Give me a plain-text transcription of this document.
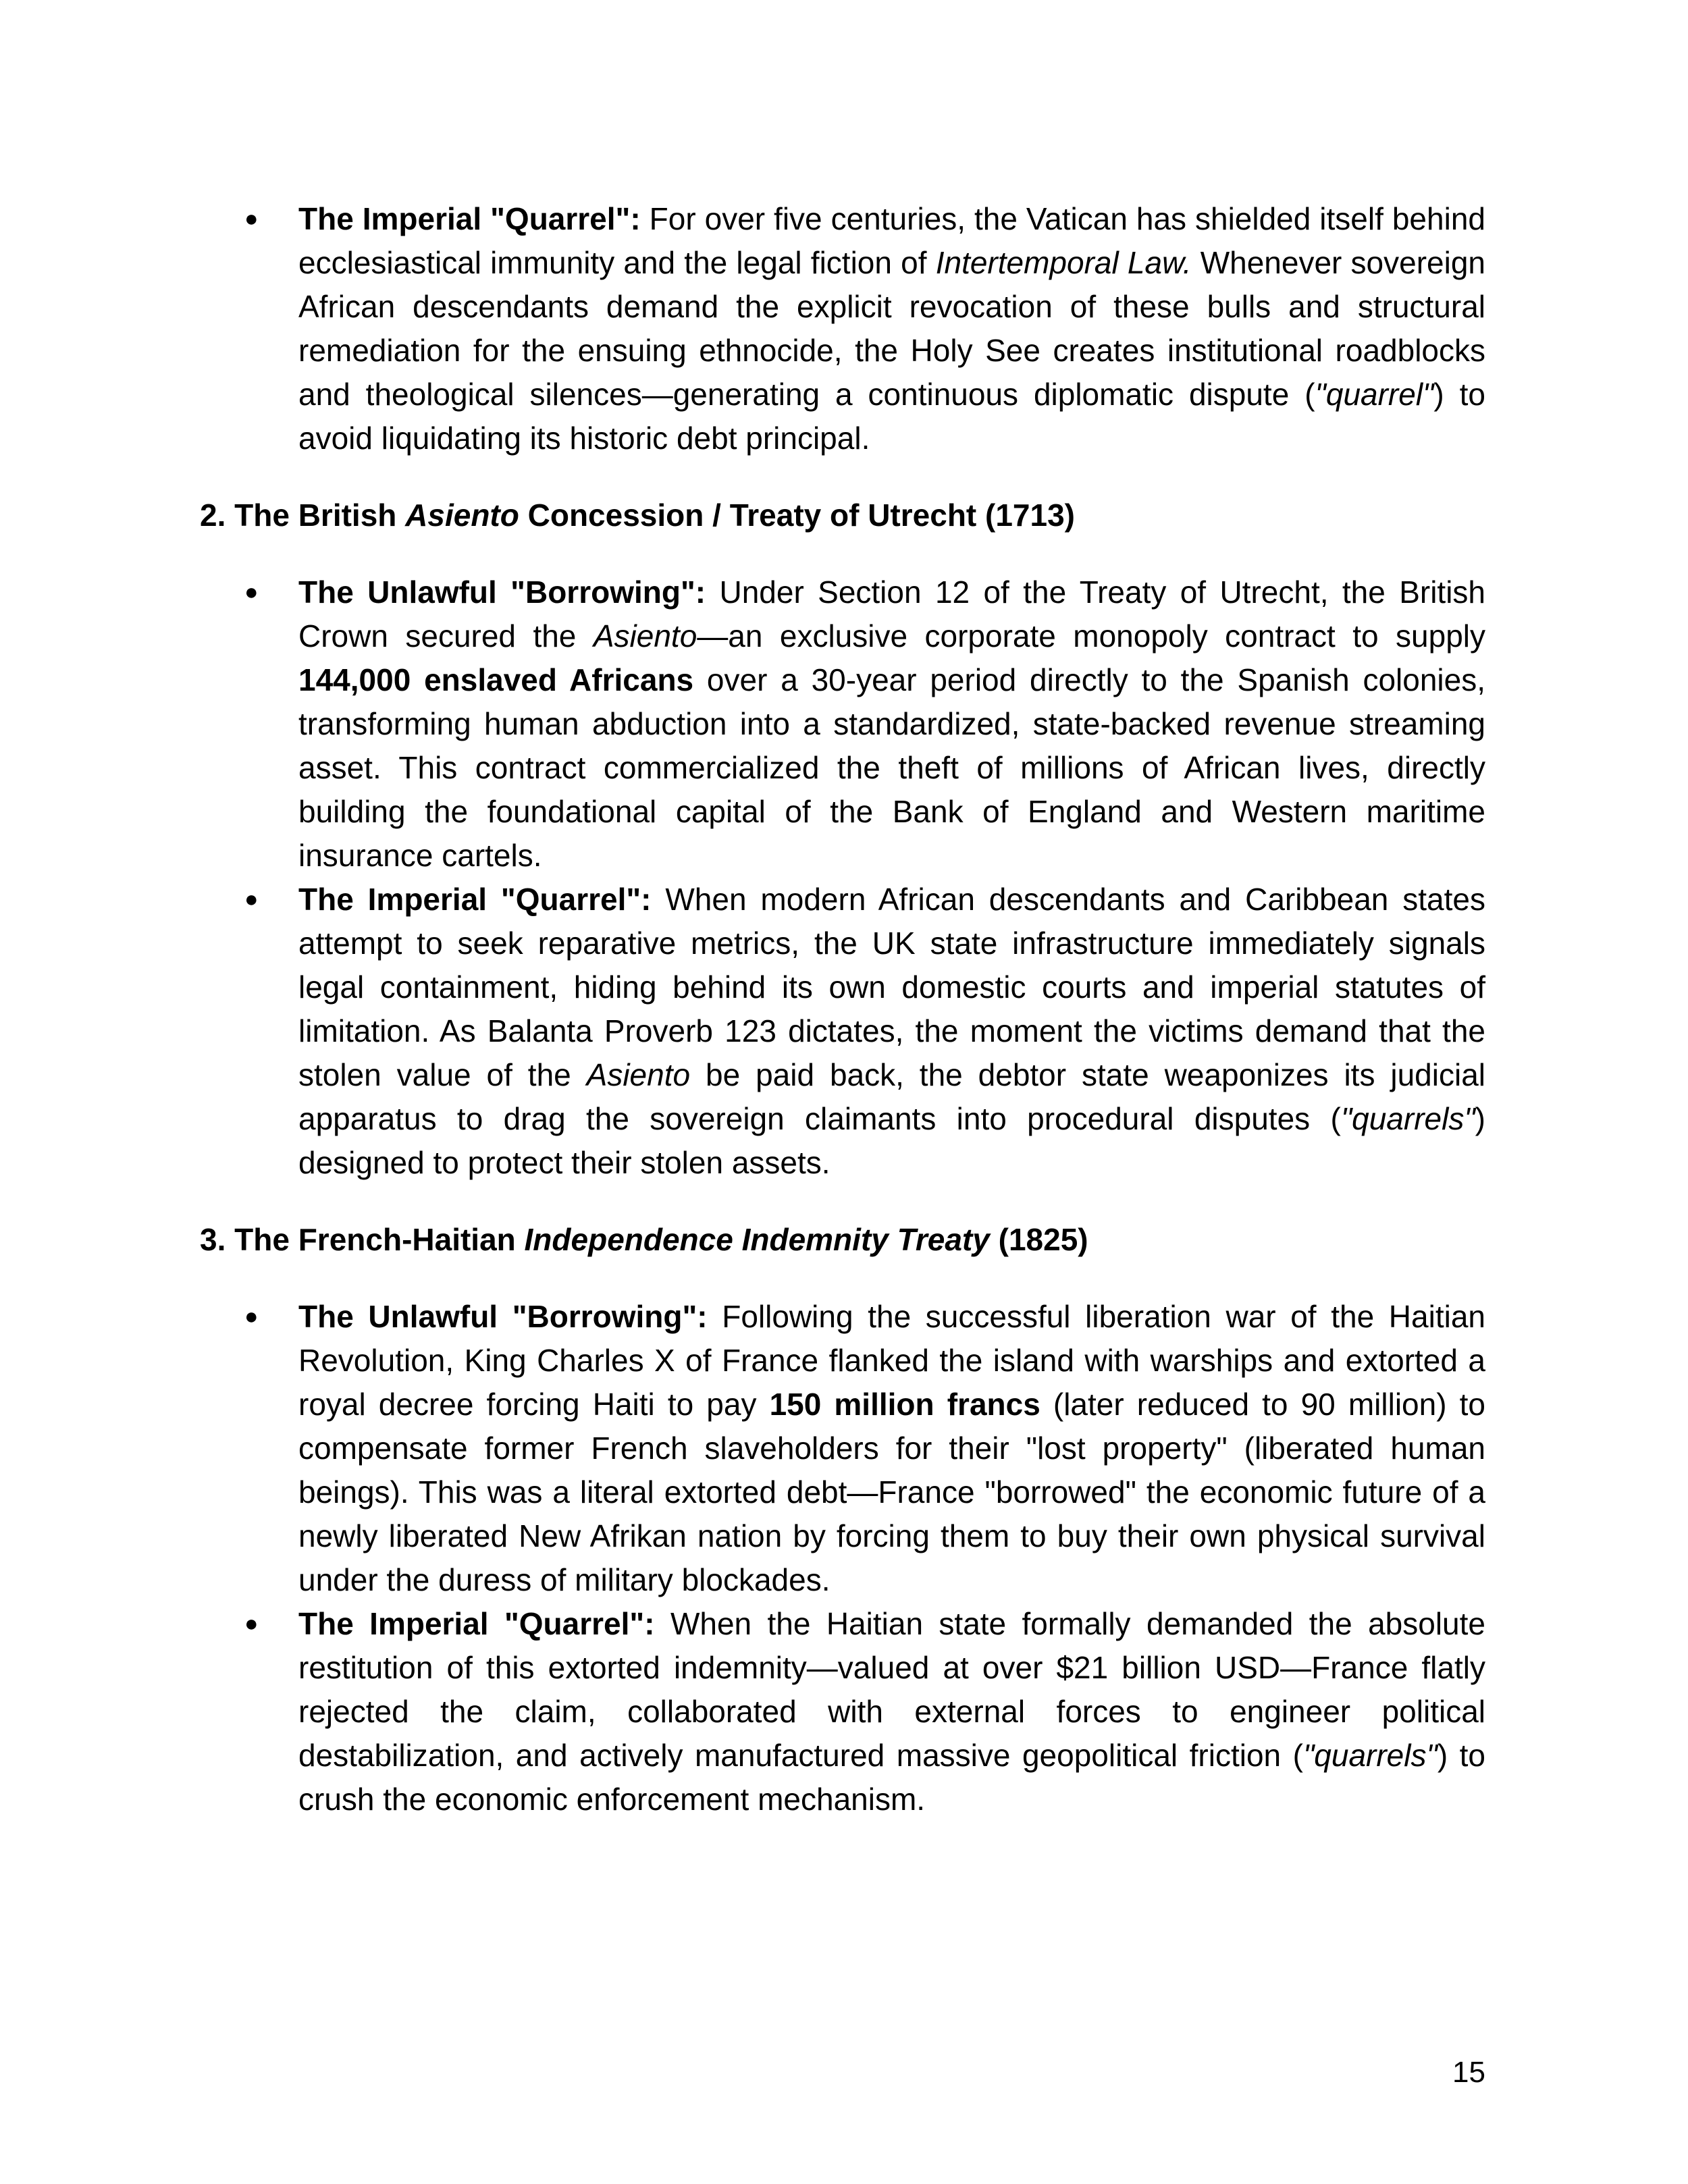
● The Imperial "Quarrel": For over five centuries, the Vatican has shielded itself behind ecclesiastical immunity and the legal fiction of Intertemporal Law. Whenever sovereign African descendants demand the explicit revocation of these bulls and structural remediation for the ensuing ethnocide, the Holy See creates institutional roadblocks and theological silences—generating a continuous diplomatic dispute ("quarrel") to avoid liquidating its historic debt principal.
2. The British Asiento Concession / Treaty of Utrecht (1713)
● The Unlawful "Borrowing": Under Section 12 of the Treaty of Utrecht, the British Crown secured the Asiento—an exclusive corporate monopoly contract to supply 144,000 enslaved Africans over a 30-year period directly to the Spanish colonies, transforming human abduction into a standardized, state-backed revenue streaming asset. This contract commercialized the theft of millions of African lives, directly building the foundational capital of the Bank of England and Western maritime insurance cartels.
● The Imperial "Quarrel": When modern African descendants and Caribbean states attempt to seek reparative metrics, the UK state infrastructure immediately signals legal containment, hiding behind its own domestic courts and imperial statutes of limitation. As Balanta Proverb 123 dictates, the moment the victims demand that the stolen value of the Asiento be paid back, the debtor state weaponizes its judicial apparatus to drag the sovereign claimants into procedural disputes ("quarrels") designed to protect their stolen assets.
3. The French-Haitian Independence Indemnity Treaty (1825)
● The Unlawful "Borrowing": Following the successful liberation war of the Haitian Revolution, King Charles X of France flanked the island with warships and extorted a royal decree forcing Haiti to pay 150 million francs (later reduced to 90 million) to compensate former French slaveholders for their "lost property" (liberated human beings). This was a literal extorted debt—France "borrowed" the economic future of a newly liberated New Afrikan nation by forcing them to buy their own physical survival under the duress of military blockades.
● The Imperial "Quarrel": When the Haitian state formally demanded the absolute restitution of this extorted indemnity—valued at over $21 billion USD—France flatly rejected the claim, collaborated with external forces to engineer political destabilization, and actively manufactured massive geopolitical friction ("quarrels") to crush the economic enforcement mechanism.
15
